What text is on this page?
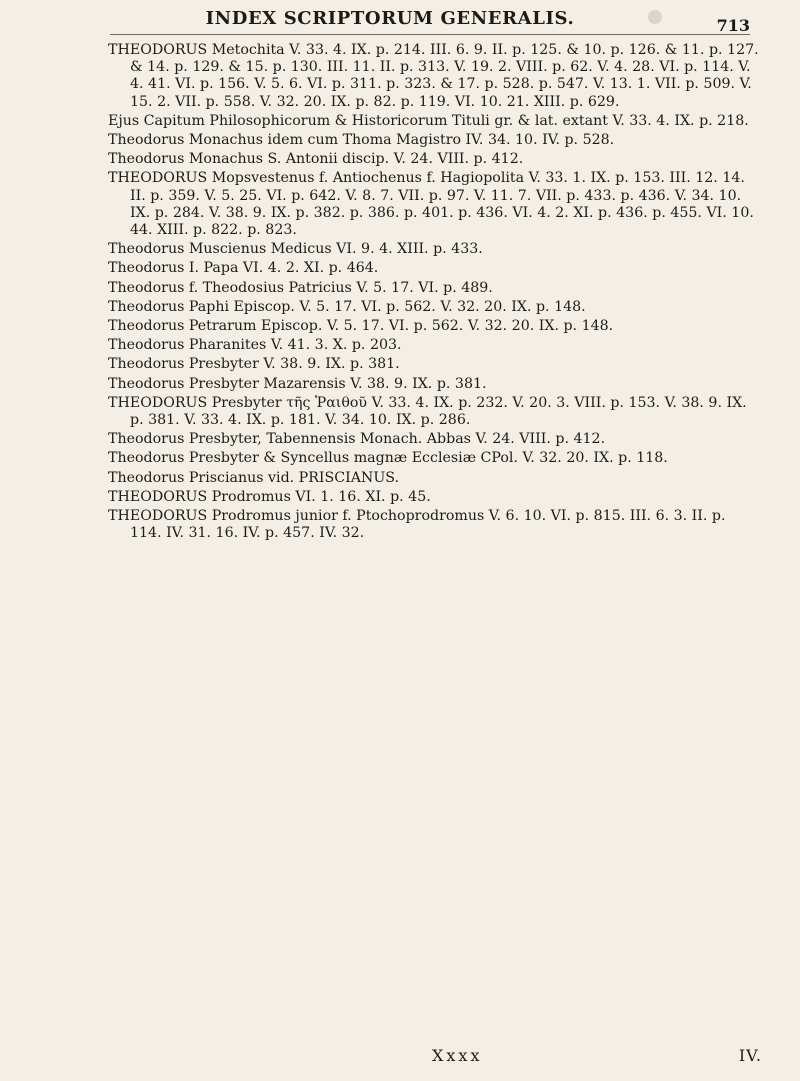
INDEX SCRIPTORUM GENERALIS.	713

THEODORUS Metochita V. 33. 4. IX. p. 214. III. 6. 9. II. p. 125. & 10. p. 126. & 11. p. 127. & 14. p. 129. & 15. p. 130. III. 11. II. p. 313. V. 19. 2. VIII. p. 62. V. 4. 28. VI. p. 114. V. 4. 41. VI. p. 156. V. 5. 6. VI. p. 311. p. 323. & 17. p. 528. p. 547. V. 13. 1. VII. p. 509. V. 15. 2. VII. p. 558. V. 32. 20. IX. p. 82. p. 119. VI. 10. 21. XIII. p. 629.

Ejus Capitum Philosophicorum & Historicorum Tituli gr. & lat. extant V. 33. 4. IX. p. 218.

Theodorus Monachus idem cum Thoma Magistro IV. 34. 10. IV. p. 528.

Theodorus Monachus S. Antonii discip. V. 24. VIII. p. 412.

THEODORUS Mopsvestenus f. Antiochenus f. Hagiopolita V. 33. 1. IX. p. 153. III. 12. 14. II. p. 359. V. 5. 25. VI. p. 642. V. 8. 7. VII. p. 97. V. 11. 7. VII. p. 433. p. 436. V. 34. 10. IX. p. 284. V. 38. 9. IX. p. 382. p. 386. p. 401. p. 436. VI. 4. 2. XI. p. 436. p. 455. VI. 10. 44. XIII. p. 822. p. 823.

Theodorus Muscienus Medicus VI. 9. 4. XIII. p. 433.

Theodorus I. Papa VI. 4. 2. XI. p. 464.

Theodorus f. Theodosius Patricius V. 5. 17. VI. p. 489.

Theodorus Paphi Episcop. V. 5. 17. VI. p. 562. V. 32. 20. IX. p. 148.

Theodorus Petrarum Episcop. V. 5. 17. VI. p. 562. V. 32. 20. IX. p. 148.

Theodorus Pharanites V. 41. 3. X. p. 203.

Theodorus Presbyter V. 38. 9. IX. p. 381.

Theodorus Presbyter Mazarensis V. 38. 9. IX. p. 381.

THEODORUS Presbyter τῆς Ῥαιθοῦ V. 33. 4. IX. p. 232. V. 20. 3. VIII. p. 153. V. 38. 9. IX. p. 381. V. 33. 4. IX. p. 181. V. 34. 10. IX. p. 286.

Theodorus Presbyter, Tabennensis Monach. Abbas V. 24. VIII. p. 412.

Theodorus Presbyter & Syncellus magnæ Ecclesiæ CPol. V. 32. 20. IX. p. 118.

Theodorus Priscianus vid. PRISCIANUS.

THEODORUS Prodromus VI. 1. 16. XI. p. 45.

THEODORUS Prodromus junior f. Ptochoprodromus V. 6. 10. VI. p. 815. III. 6. 3. II. p. 114. IV. 31. 16. IV. p. 457. IV. 32.

Xxxx	IV.
